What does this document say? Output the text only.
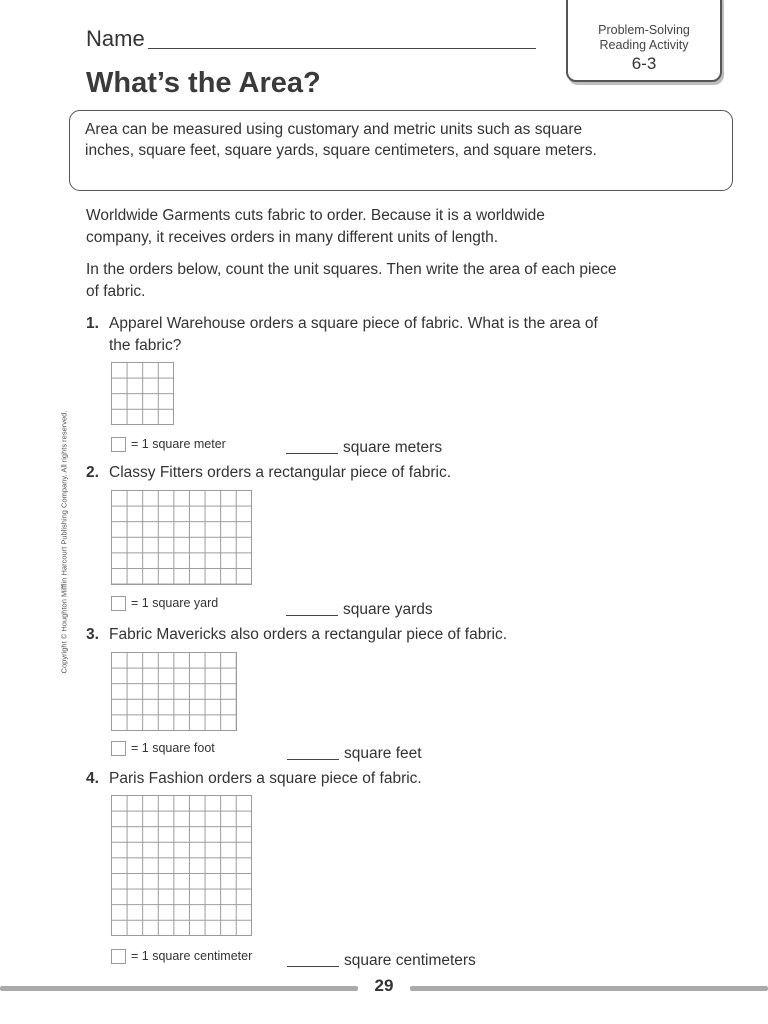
Name
What’s the Area?
Problem-Solving
Reading Activity
6-3

Area can be measured using customary and metric units such as square inches, square feet, square yards, square centimeters, and square meters.

Worldwide Garments cuts fabric to order. Because it is a worldwide company, it receives orders in many different units of length.

In the orders below, count the unit squares. Then write the area of each piece of fabric.

1. Apparel Warehouse orders a square piece of fabric. What is the area of the fabric?

= 1 square meter	square meters
2. Classy Fitters orders a rectangular piece of fabric.

= 1 square yard	square yards
3. Fabric Mavericks also orders a rectangular piece of fabric.

= 1 square foot	square feet
4. Paris Fashion orders a square piece of fabric.

= 1 square centimeter	square centimeters
Copyright © Houghton Mifflin Harcourt Publishing Company. All rights reserved.
29
